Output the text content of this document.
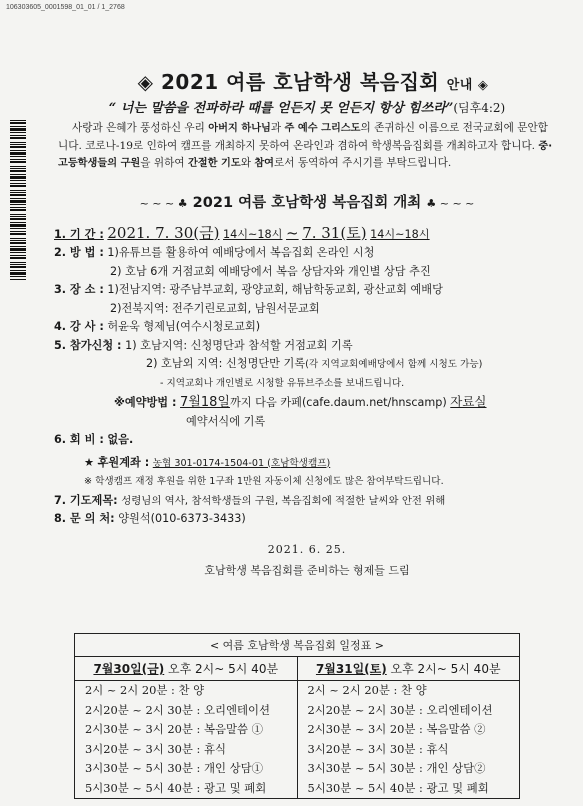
106303605_0001598_01_01 / 1_2768
◈ 2021 여름 호남학생 복음집회 안내 ◈
“ 너는 말씀을 전파하라 때를 얻든지 못 얻든지 항상 힘쓰라”(딤후4:2)
사랑과 은혜가 풍성하신 우리 아버지 하나님과 주 예수 그리스도의 존귀하신 이름으로 전국교회에 문안합니다. 코로나-19로 인하여 캠프를 개최하지 못하여 온라인과 겸하여 학생복음집회를 개최하고자 합니다. 중·고등학생들의 구원을 위하여 간절한 기도와 참여로서 동역하여 주시기를 부탁드립니다.
~ ~ ~ ♣ 2021 여름 호남학생 복음집회 개최 ♣ ~ ~ ~
1. 기 간 : 2021. 7. 30(금) 14시~18시 ~ 7. 31(토) 14시~18시
2. 방 법 : 1)유튜브를 활용하여 예배당에서 복음집회 온라인 시청
2) 호남 6개 거점교회 예배당에서 복음 상담자와 개인별 상담 추진
3. 장 소 : 1)전남지역: 광주남부교회, 광양교회, 해남학동교회, 광산교회 예배당
2)전북지역: 전주기린로교회, 남원서문교회
4. 강 사 : 허윤욱 형제님(여수시청로교회)
5. 참가신청 : 1) 호남지역: 신청명단과 참석할 거점교회 기록
2) 호남외 지역: 신청명단만 기록(각 지역교회예배당에서 함께 시청도 가능)
- 지역교회나 개인별로 시청할 유튜브주소를 보내드립니다.
※예약방법 : 7월18일까지 다음 카페(cafe.daum.net/hnscamp) 자료실
예약서식에 기록
6. 회 비 : 없음.
★ 후원계좌 : 농협 301-0174-1504-01 (호남학생캠프)
※ 학생캠프 재정 후원을 위한 1구좌 1만원 자동이체 신청에도 많은 참여부탁드립니다.
7. 기도제목: 성령님의 역사, 참석학생들의 구원, 복음집회에 적절한 날씨와 안전 위해
8. 문 의 처: 양원석(010-6373-3433)
2021. 6. 25.
호남학생 복음집회를 준비하는 형제들 드림
< 여름 호남학생 복음집회 일정표 >
7월30일(금) 오후 2시~ 5시 40분
2시 ~ 2시 20분 : 찬 양
2시20분 ~ 2시 30분 : 오리엔테이션
2시30분 ~ 3시 20분 : 복음말씀 ①
3시20분 ~ 3시 30분 : 휴식
3시30분 ~ 5시 30분 : 개인 상담①
5시30분 ~ 5시 40분 : 광고 및 폐회
7월31일(토) 오후 2시~ 5시 40분
2시 ~ 2시 20분 : 찬 양
2시20분 ~ 2시 30분 : 오리엔테이션
2시30분 ~ 3시 20분 : 복음말씀 ②
3시20분 ~ 3시 30분 : 휴식
3시30분 ~ 5시 30분 : 개인 상담②
5시30분 ~ 5시 40분 : 광고 및 폐회
